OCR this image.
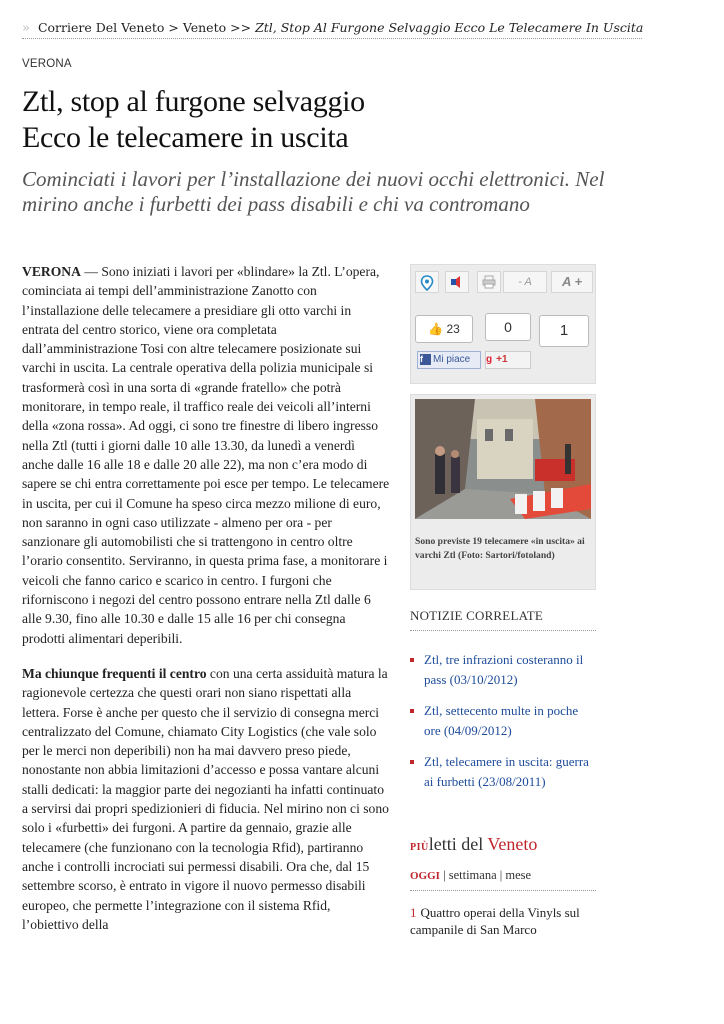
» Corriere Del Veneto > Veneto >> Ztl, Stop Al Furgone Selvaggio Ecco Le Telecamere In Uscita
VERONA
Ztl, stop al furgone selvaggio
Ecco le telecamere in uscita

Cominciati i lavori per l’installazione dei nuovi occhi elettronici. Nel mirino anche i furbetti dei pass disabili e chi va contromano

VERONA — Sono iniziati i lavori per «blindare» la Ztl. L’opera, cominciata ai tempi dell’amministrazione Zanotto con l’installazione delle telecamere a presidiare gli otto varchi in entrata del centro storico, viene ora completata dall’amministrazione Tosi con altre telecamere posizionate sui varchi in uscita. La centrale operativa della polizia municipale si trasformerà così in una sorta di «grande fratello» che potrà monitorare, in tempo reale, il traffico reale dei veicoli all’interni della «zona rossa». Ad oggi, ci sono tre finestre di libero ingresso nella Ztl (tutti i giorni dalle 10 alle 13.30, da lunedì a venerdì anche dalle 16 alle 18 e dalle 20 alle 22), ma non c’era modo di sapere se chi entra correttamente poi esce per tempo. Le telecamere in uscita, per cui il Comune ha speso circa mezzo milione di euro, non saranno in ogni caso utilizzate - almeno per ora - per sanzionare gli automobilisti che si trattengono in centro oltre l’orario consentito. Serviranno, in questa prima fase, a monitorare i veicoli che fanno carico e scarico in centro. I furgoni che riforniscono i negozi del centro possono entrare nella Ztl dalle 6 alle 9.30, fino alle 10.30 e dalle 15 alle 16 per chi consegna prodotti alimentari deperibili.

Ma chiunque frequenti il centro con una certa assiduità matura la ragionevole certezza che questi orari non siano rispettati alla lettera. Forse è anche per questo che il servizio di consegna merci centralizzato del Comune, chiamato City Logistics (che vale solo per le merci non deperibili) non ha mai davvero preso piede, nonostante non abbia limitazioni d’accesso e possa vantare alcuni stalli dedicati: la maggior parte dei negozianti ha infatti continuato a servirsi dai propri spedizionieri di fiducia. Nel mirino non ci sono solo i «furbetti» dei furgoni. A partire da gennaio, grazie alle telecamere (che funzionano con la tecnologia Rfid), partiranno anche i controlli incrociati sui permessi disabili. Ora che, dal 15 settembre scorso, è entrato in vigore il nuovo permesso disabili europeo, che permette l’integrazione con il sistema Rfid, l’obiettivo della

- A	A +
👍 23	0	1
f Mi piace	g +1
Sono previste 19 telecamere «in uscita» ai varchi Ztl (Foto: Sartori/fotoland)
NOTIZIE CORRELATE
Ztl, tre infrazioni costeranno il pass (03/10/2012)
Ztl, settecento multe in poche ore (04/09/2012)
Ztl, telecamere in uscita: guerra ai furbetti (23/08/2011)
PIÙletti del Veneto
OGGI | settimana | mese
1 Quattro operai della Vinyls sul campanile di San Marco
